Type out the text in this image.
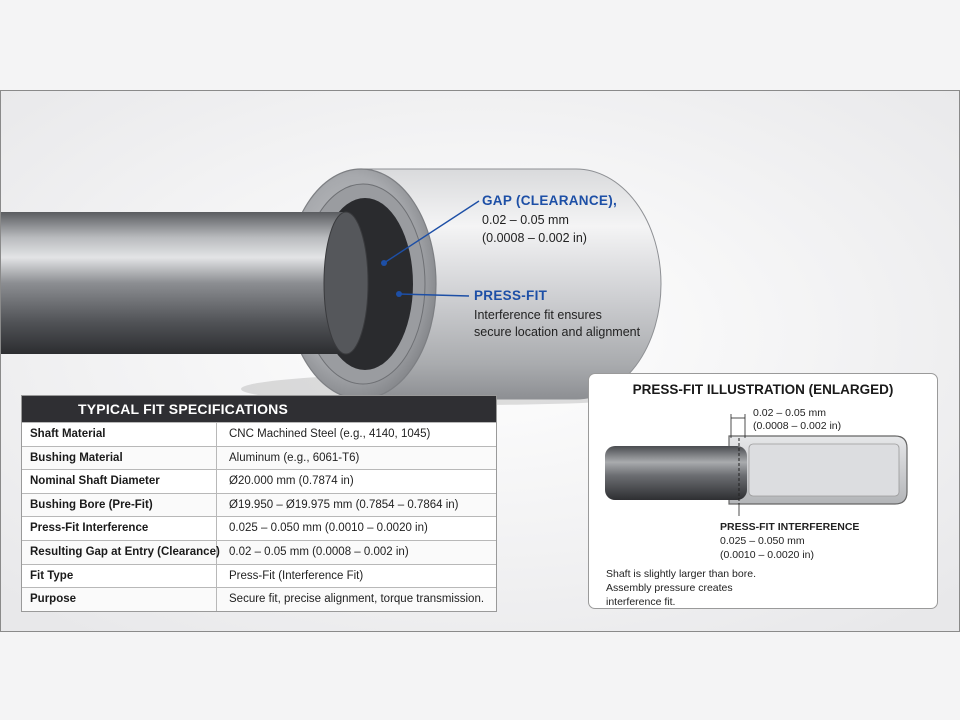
GAP (CLEARANCE),
0.02 – 0.05 mm
(0.0008 – 0.002 in)
PRESS-FIT
Interference fit ensures
secure location and alignment
TYPICAL FIT SPECIFICATIONS
Shaft Material	CNC Machined Steel (e.g., 4140, 1045)
Bushing Material	Aluminum (e.g., 6061-T6)
Nominal Shaft Diameter	Ø20.000 mm (0.7874 in)
Bushing Bore (Pre-Fit)	Ø19.950 – Ø19.975 mm (0.7854 – 0.7864 in)
Press-Fit Interference	0.025 – 0.050 mm (0.0010 – 0.0020 in)
Resulting Gap at Entry (Clearance) 0.02 – 0.05 mm (0.0008 – 0.002 in)
Fit Type	Press-Fit (Interference Fit)
Purpose	Secure fit, precise alignment, torque transmission.
PRESS-FIT ILLUSTRATION (ENLARGED)
0.02 – 0.05 mm
(0.0008 – 0.002 in)
PRESS-FIT INTERFERENCE
0.025 – 0.050 mm
(0.0010 – 0.0020 in)
Shaft is slightly larger than bore.
Assembly pressure creates
interference fit.
